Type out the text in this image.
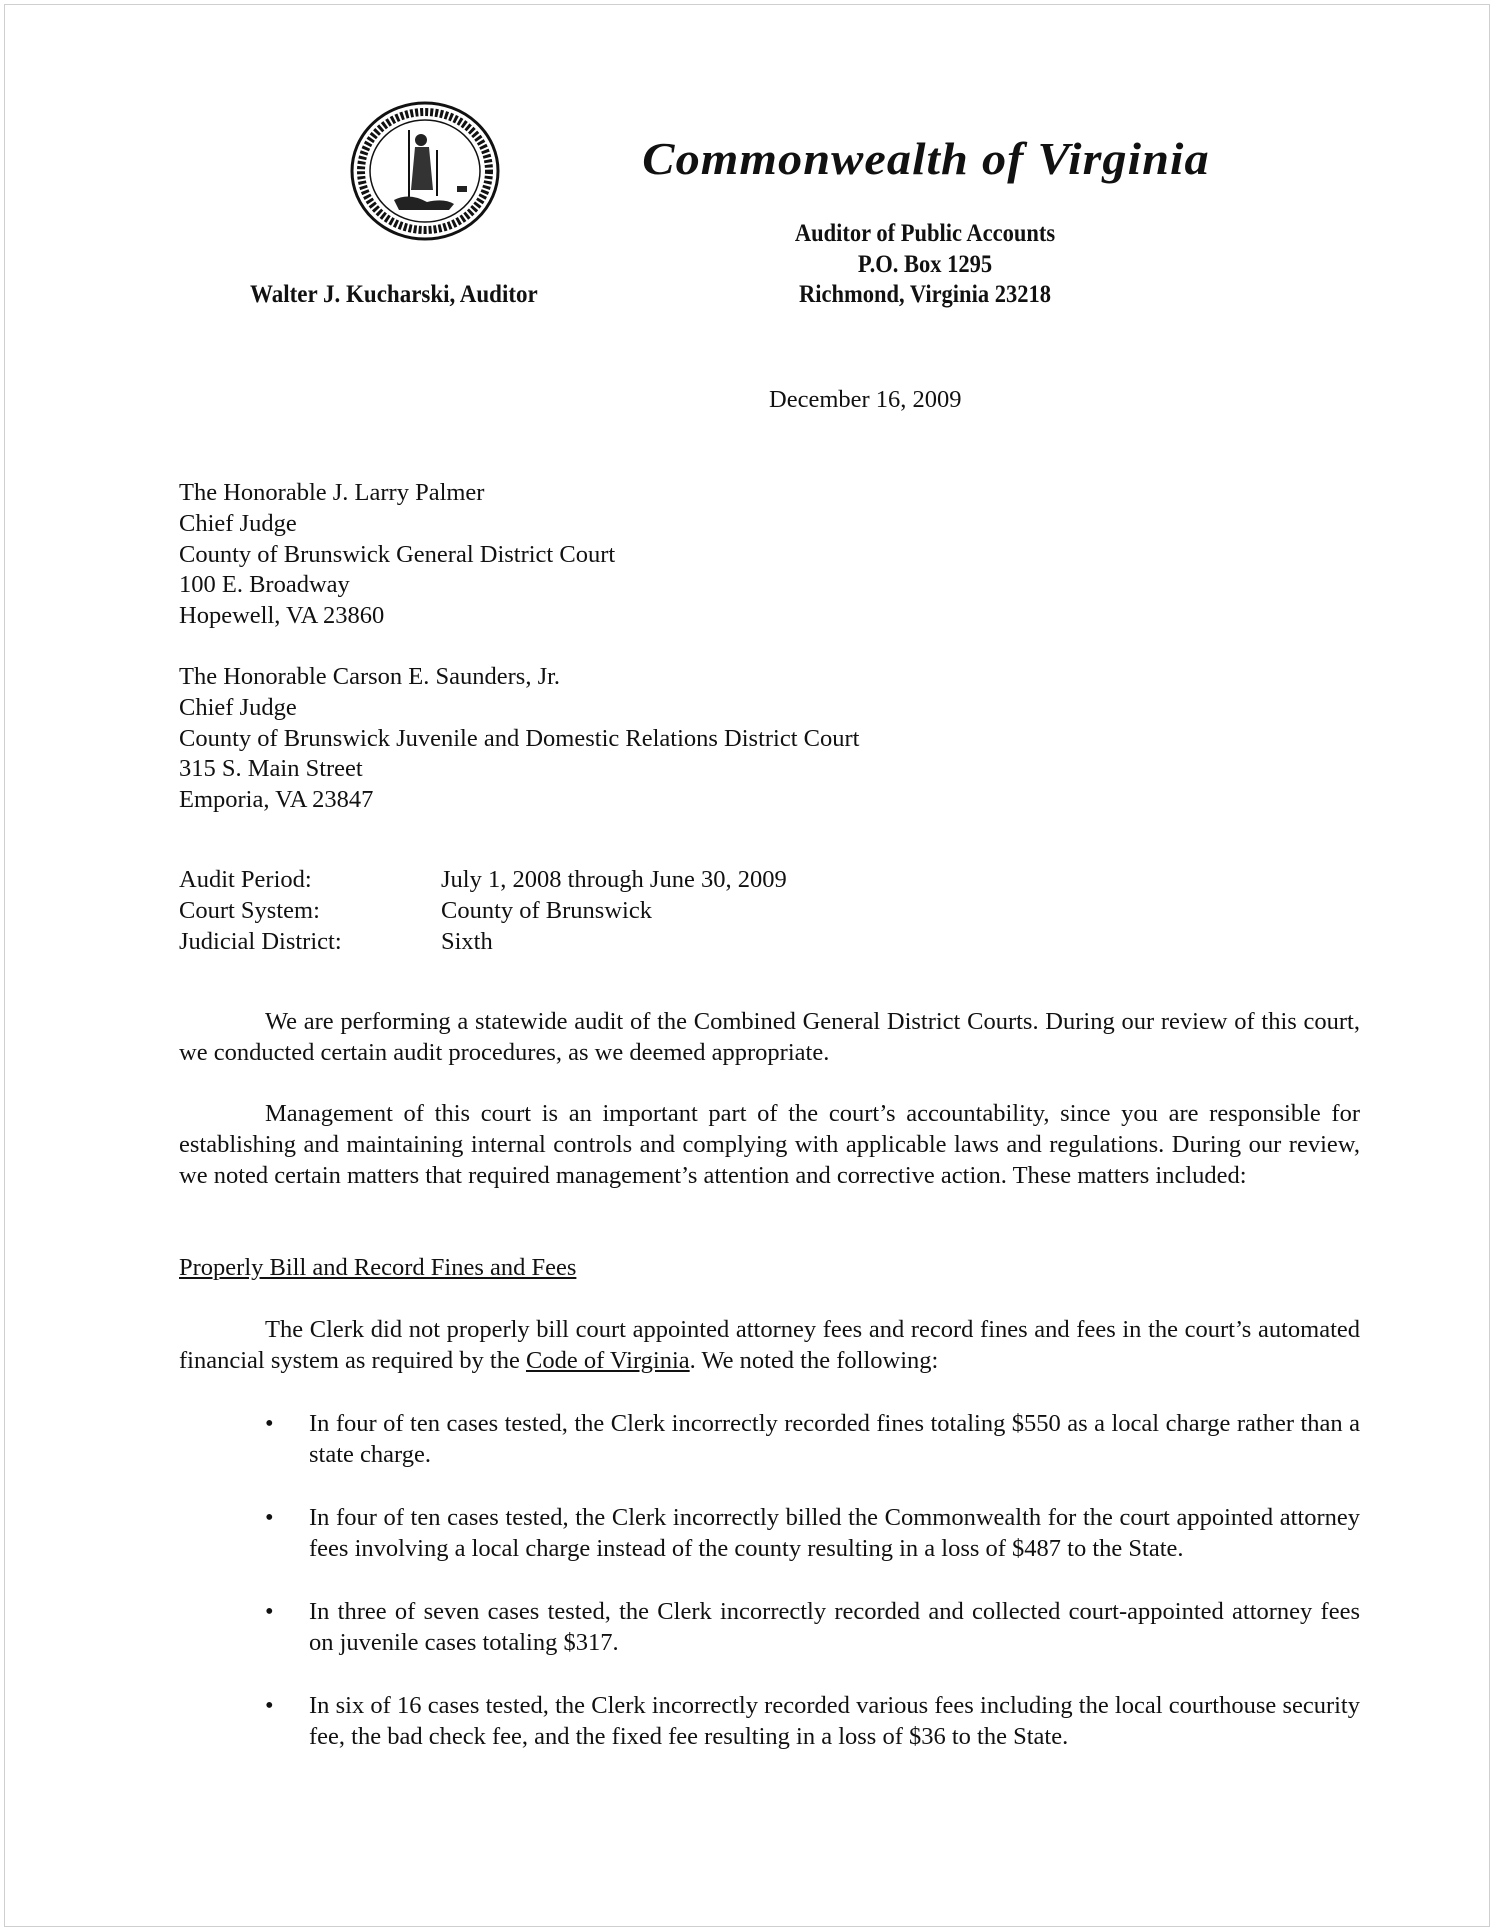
Commonwealth of Virginia
Auditor of Public Accounts
P.O. Box 1295
Richmond, Virginia 23218
Walter J. Kucharski, Auditor
December 16, 2009
The Honorable J. Larry Palmer
Chief Judge
County of Brunswick General District Court
100 E. Broadway
Hopewell, VA 23860
The Honorable Carson E. Saunders, Jr.
Chief Judge
County of Brunswick Juvenile and Domestic Relations District Court
315 S. Main Street
Emporia, VA 23847
Audit Period:	July 1, 2008 through June 30, 2009
Court System:	County of Brunswick
Judicial District:	Sixth
We are performing a statewide audit of the Combined General District Courts. During our review of this court, we conducted certain audit procedures, as we deemed appropriate.
Management of this court is an important part of the court’s accountability, since you are responsible for establishing and maintaining internal controls and complying with applicable laws and regulations. During our review, we noted certain matters that required management’s attention and corrective action. These matters included:
Properly Bill and Record Fines and Fees
The Clerk did not properly bill court appointed attorney fees and record fines and fees in the court’s automated financial system as required by the Code of Virginia. We noted the following:
• In four of ten cases tested, the Clerk incorrectly recorded fines totaling $550 as a local charge rather than a state charge.
• In four of ten cases tested, the Clerk incorrectly billed the Commonwealth for the court appointed attorney fees involving a local charge instead of the county resulting in a loss of $487 to the State.
• In three of seven cases tested, the Clerk incorrectly recorded and collected court-appointed attorney fees on juvenile cases totaling $317.
• In six of 16 cases tested, the Clerk incorrectly recorded various fees including the local courthouse security fee, the bad check fee, and the fixed fee resulting in a loss of $36 to the State.
